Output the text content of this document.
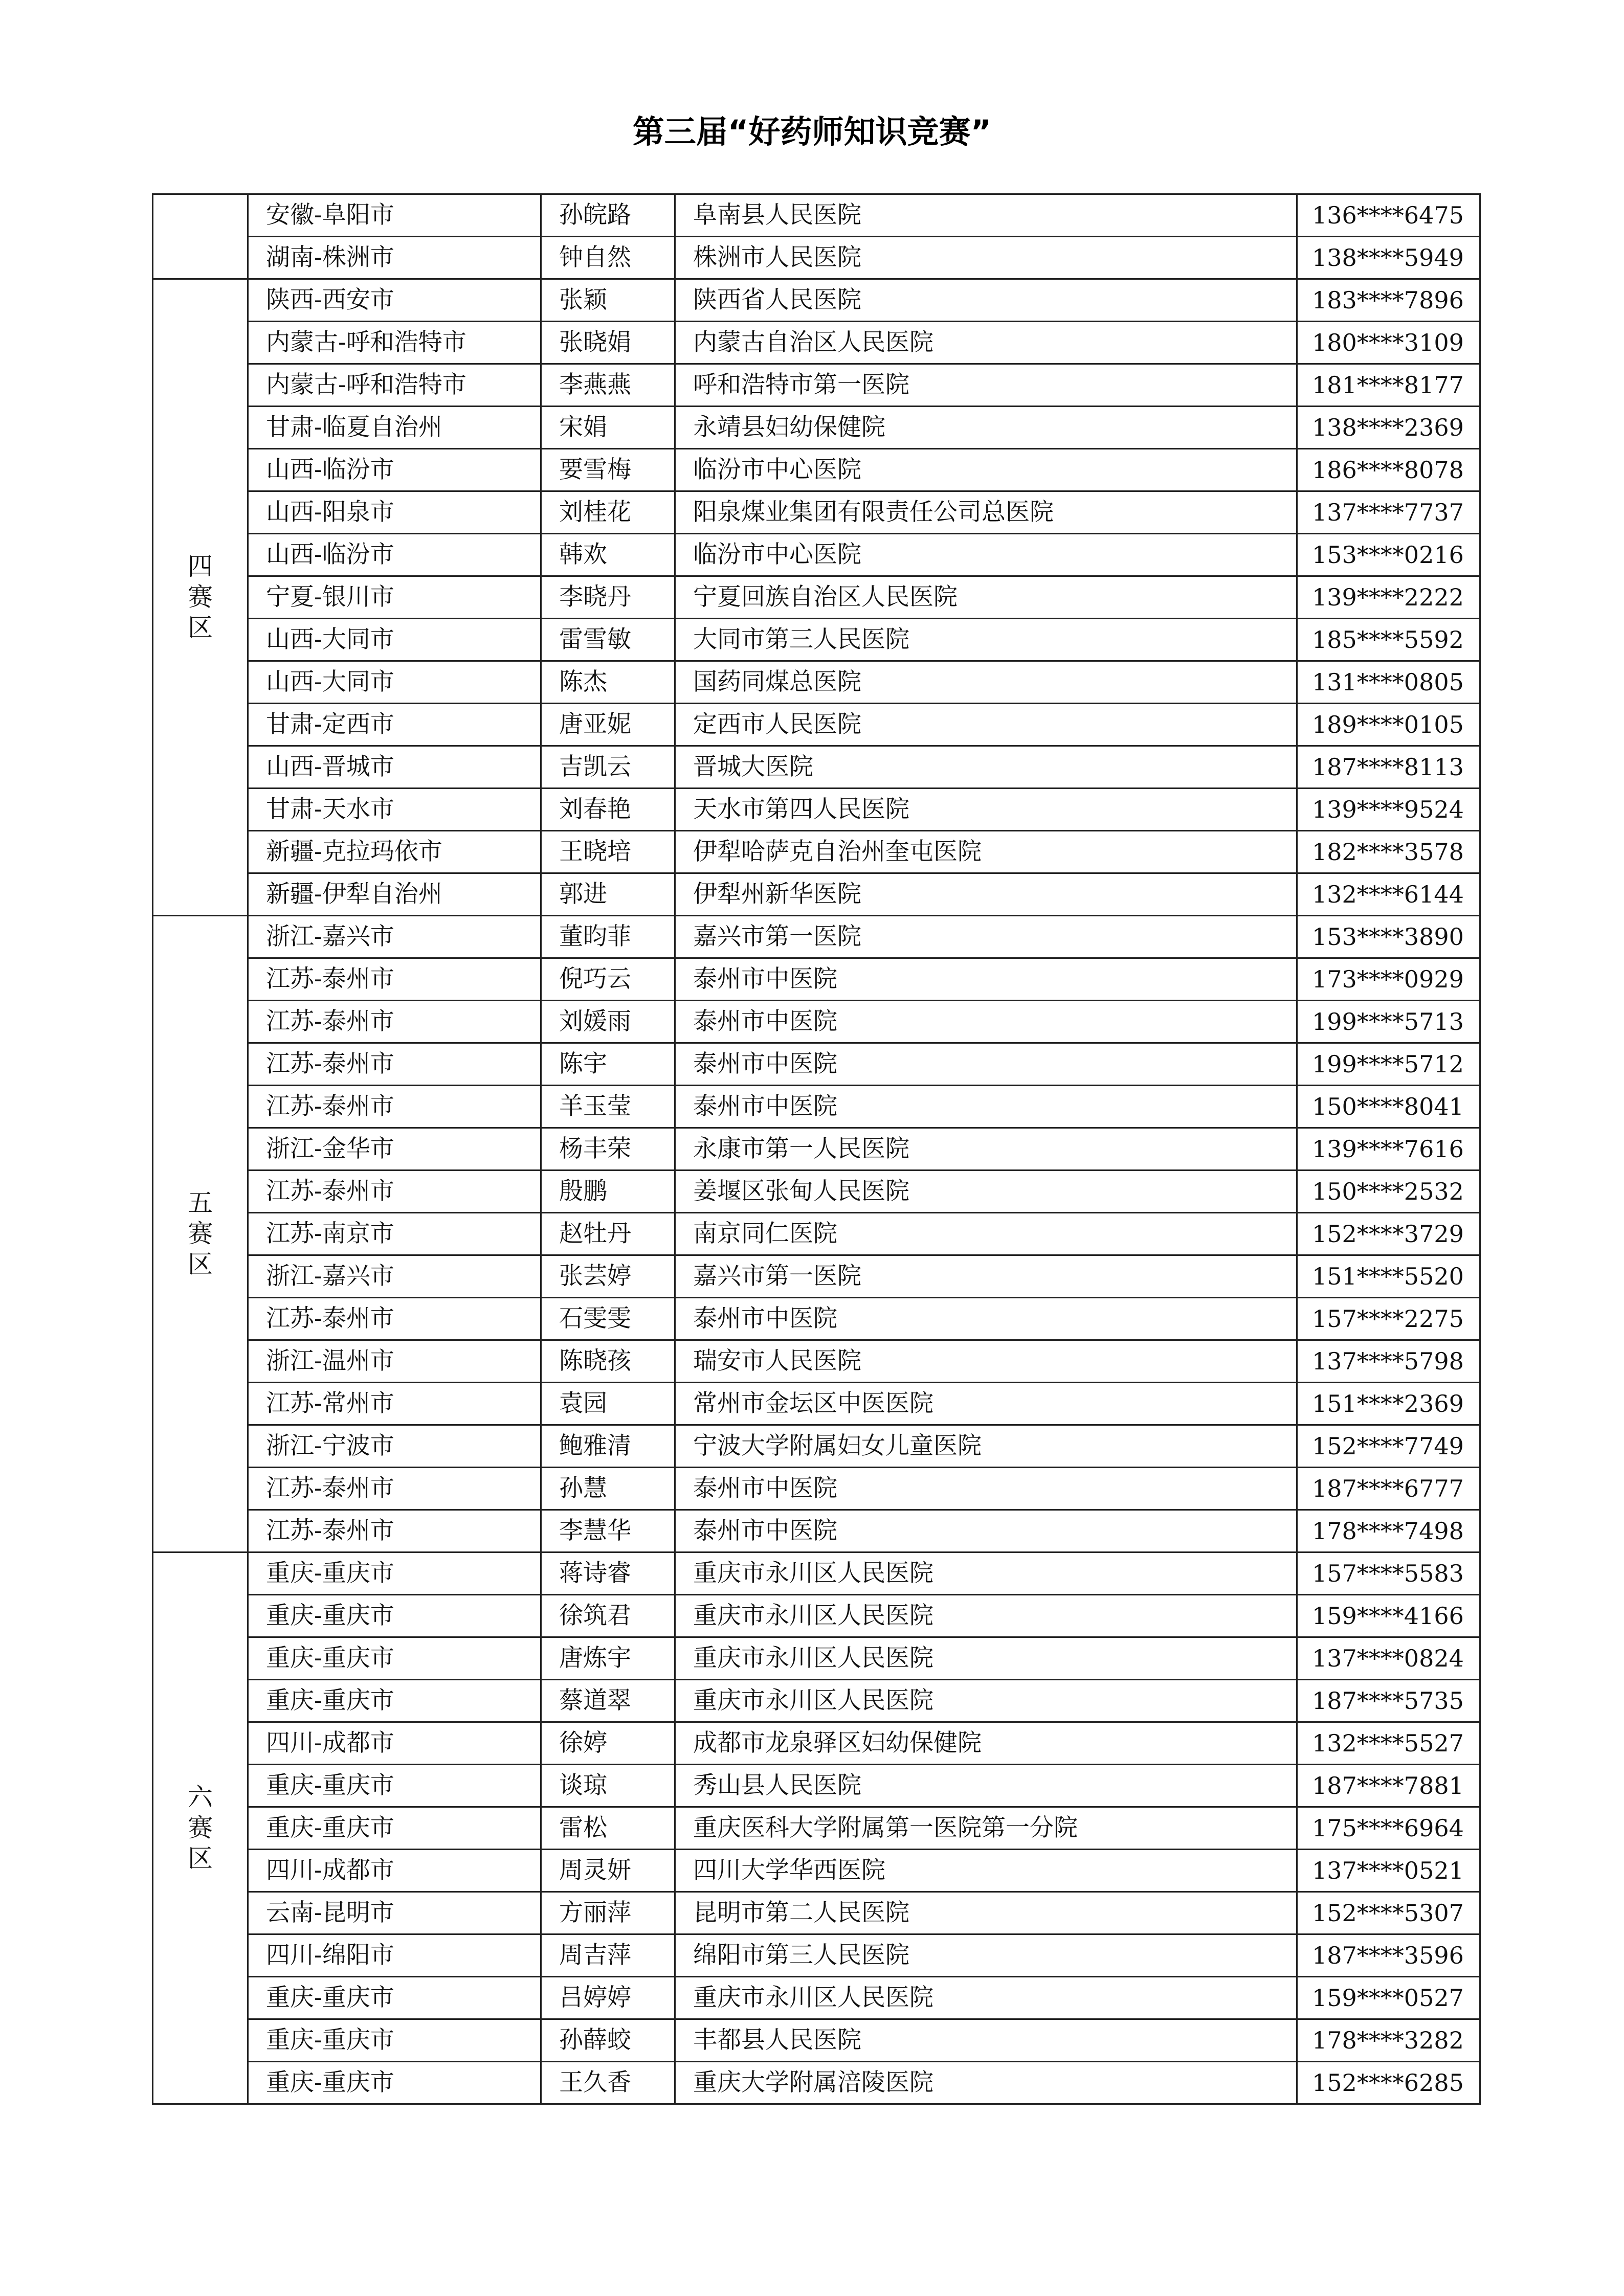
第三届“好药师知识竞赛”
	安徽-阜阳市	孙皖路	阜南县人民医院	136****6475
	湖南-株洲市	钟自然	株洲市人民医院	138****5949
四赛区	陕西-西安市	张颖	陕西省人民医院	183****7896
	内蒙古-呼和浩特市	张晓娟	内蒙古自治区人民医院	180****3109
	内蒙古-呼和浩特市	李燕燕	呼和浩特市第一医院	181****8177
	甘肃-临夏自治州	宋娟	永靖县妇幼保健院	138****2369
	山西-临汾市	要雪梅	临汾市中心医院	186****8078
	山西-阳泉市	刘桂花	阳泉煤业集团有限责任公司总医院	137****7737
	山西-临汾市	韩欢	临汾市中心医院	153****0216
	宁夏-银川市	李晓丹	宁夏回族自治区人民医院	139****2222
	山西-大同市	雷雪敏	大同市第三人民医院	185****5592
	山西-大同市	陈杰	国药同煤总医院	131****0805
	甘肃-定西市	唐亚妮	定西市人民医院	189****0105
	山西-晋城市	吉凯云	晋城大医院	187****8113
	甘肃-天水市	刘春艳	天水市第四人民医院	139****9524
	新疆-克拉玛依市	王晓培	伊犁哈萨克自治州奎屯医院	182****3578
	新疆-伊犁自治州	郭进	伊犁州新华医院	132****6144
五赛区	浙江-嘉兴市	董昀菲	嘉兴市第一医院	153****3890
	江苏-泰州市	倪巧云	泰州市中医院	173****0929
	江苏-泰州市	刘媛雨	泰州市中医院	199****5713
	江苏-泰州市	陈宇	泰州市中医院	199****5712
	江苏-泰州市	羊玉莹	泰州市中医院	150****8041
	浙江-金华市	杨丰荣	永康市第一人民医院	139****7616
	江苏-泰州市	殷鹏	姜堰区张甸人民医院	150****2532
	江苏-南京市	赵牡丹	南京同仁医院	152****3729
	浙江-嘉兴市	张芸婷	嘉兴市第一医院	151****5520
	江苏-泰州市	石雯雯	泰州市中医院	157****2275
	浙江-温州市	陈晓孩	瑞安市人民医院	137****5798
	江苏-常州市	袁园	常州市金坛区中医医院	151****2369
	浙江-宁波市	鲍雅清	宁波大学附属妇女儿童医院	152****7749
	江苏-泰州市	孙慧	泰州市中医院	187****6777
	江苏-泰州市	李慧华	泰州市中医院	178****7498
六赛区	重庆-重庆市	蒋诗睿	重庆市永川区人民医院	157****5583
	重庆-重庆市	徐筑君	重庆市永川区人民医院	159****4166
	重庆-重庆市	唐炼宇	重庆市永川区人民医院	137****0824
	重庆-重庆市	蔡道翠	重庆市永川区人民医院	187****5735
	四川-成都市	徐婷	成都市龙泉驿区妇幼保健院	132****5527
	重庆-重庆市	谈琼	秀山县人民医院	187****7881
	重庆-重庆市	雷松	重庆医科大学附属第一医院第一分院	175****6964
	四川-成都市	周灵妍	四川大学华西医院	137****0521
	云南-昆明市	方丽萍	昆明市第二人民医院	152****5307
	四川-绵阳市	周吉萍	绵阳市第三人民医院	187****3596
	重庆-重庆市	吕婷婷	重庆市永川区人民医院	159****0527
	重庆-重庆市	孙薛蛟	丰都县人民医院	178****3282
	重庆-重庆市	王久香	重庆大学附属涪陵医院	152****6285
